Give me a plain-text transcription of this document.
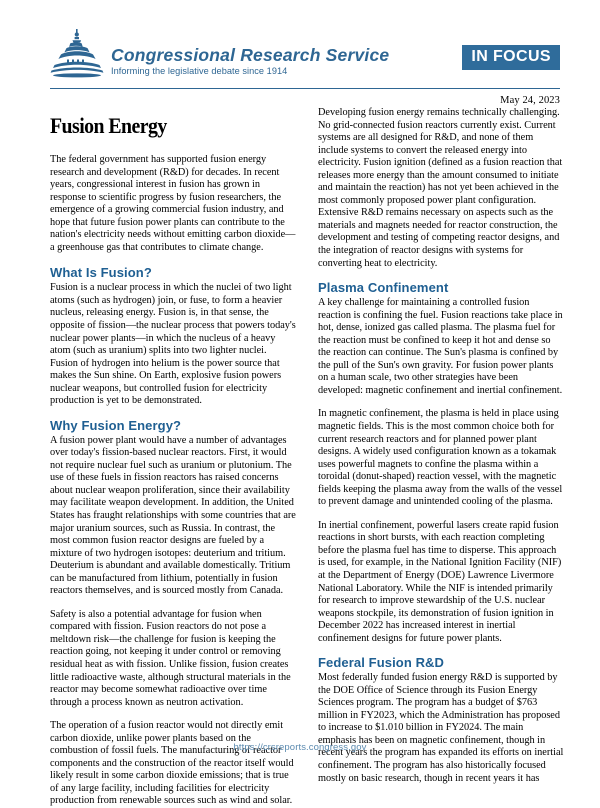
Congressional Research Service
Informing the legislative debate since 1914
IN FOCUS
May 24, 2023
Fusion Energy

The federal government has supported fusion energy research and development (R&D) for decades. In recent years, congressional interest in fusion has grown in response to scientific progress by fusion researchers, the emergence of a growing commercial fusion industry, and hope that future fusion power plants can contribute to the nation's electricity needs without emitting carbon dioxide—a greenhouse gas that contributes to climate change.

What Is Fusion?

Fusion is a nuclear process in which the nuclei of two light atoms (such as hydrogen) join, or fuse, to form a heavier nucleus, releasing energy. Fusion is, in that sense, the opposite of fission—the nuclear process that powers today's nuclear power plants—in which the nucleus of a heavy atom (such as uranium) splits into two lighter nuclei. Fusion of hydrogen into helium is the power source that makes the Sun shine. On Earth, explosive fusion powers nuclear weapons, but controlled fusion for electricity production is yet to be demonstrated.

Why Fusion Energy?

A fusion power plant would have a number of advantages over today's fission-based nuclear reactors. First, it would not require nuclear fuel such as uranium or plutonium. The use of these fuels in fission reactors has raised concerns about nuclear weapon proliferation, since their availability may facilitate weapon development. In addition, the United States has fraught relationships with some countries that are major uranium sources, such as Russia. In contrast, the most common fusion reactor designs are fueled by a mixture of two hydrogen isotopes: deuterium and tritium. Deuterium is abundant and available domestically. Tritium can be manufactured from lithium, potentially in fusion reactors themselves, and is sourced mostly from Canada.

Safety is also a potential advantage for fusion when compared with fission. Fusion reactors do not pose a meltdown risk—the challenge for fusion is keeping the reaction going, not keeping it under control or removing residual heat as with fission. Unlike fission, fusion creates little radioactive waste, although structural materials in the reactor may become somewhat radioactive over time through a process known as neutron activation.

The operation of a fusion reactor would not directly emit carbon dioxide, unlike power plants based on the combustion of fossil fuels. The manufacturing of reactor components and the construction of the reactor itself would likely result in some carbon dioxide emissions; that is true of any large facility, including facilities for electricity production from renewable sources such as wind and solar.

Developing fusion energy remains technically challenging. No grid-connected fusion reactors currently exist. Current systems are all designed for R&D, and none of them include systems to convert the released energy into electricity. Fusion ignition (defined as a fusion reaction that releases more energy than the amount consumed to initiate and maintain the reaction) has not yet been achieved in the most commonly proposed power plant configuration. Extensive R&D remains necessary on aspects such as the materials and magnets needed for reactor construction, the development and testing of competing reactor designs, and the integration of reactor designs with systems for converting heat to electricity.

Plasma Confinement

A key challenge for maintaining a controlled fusion reaction is confining the fuel. Fusion reactions take place in hot, dense, ionized gas called plasma. The plasma fuel for the reaction must be confined to keep it hot and dense so the reaction can continue. The Sun's plasma is confined by the pull of the Sun's own gravity. For fusion power plants on a human scale, two other strategies have been developed: magnetic confinement and inertial confinement.

In magnetic confinement, the plasma is held in place using magnetic fields. This is the most common choice both for current research reactors and for planned power plant designs. A widely used configuration known as a tokamak uses powerful magnets to confine the plasma within a toroidal (donut-shaped) reaction vessel, with the magnetic fields keeping the plasma away from the walls of the vessel to prevent damage and unintended cooling of the plasma.

In inertial confinement, powerful lasers create rapid fusion reactions in short bursts, with each reaction completing before the plasma fuel has time to disperse. This approach is used, for example, in the National Ignition Facility (NIF) at the Department of Energy (DOE) Lawrence Livermore National Laboratory. While the NIF is intended primarily for research to improve stewardship of the U.S. nuclear weapons stockpile, its demonstration of fusion ignition in December 2022 has increased interest in inertial confinement designs for future power plants.

Federal Fusion R&D

Most federally funded fusion energy R&D is supported by the DOE Office of Science through its Fusion Energy Sciences program. The program has a budget of $763 million in FY2023, which the Administration has proposed to increase to $1.010 billion in FY2024. The main emphasis has been on magnetic confinement, though in recent years the program has expanded its efforts on inertial confinement. The program has also historically focused mostly on basic research, though in recent years it has

https://crsreports.congress.gov
